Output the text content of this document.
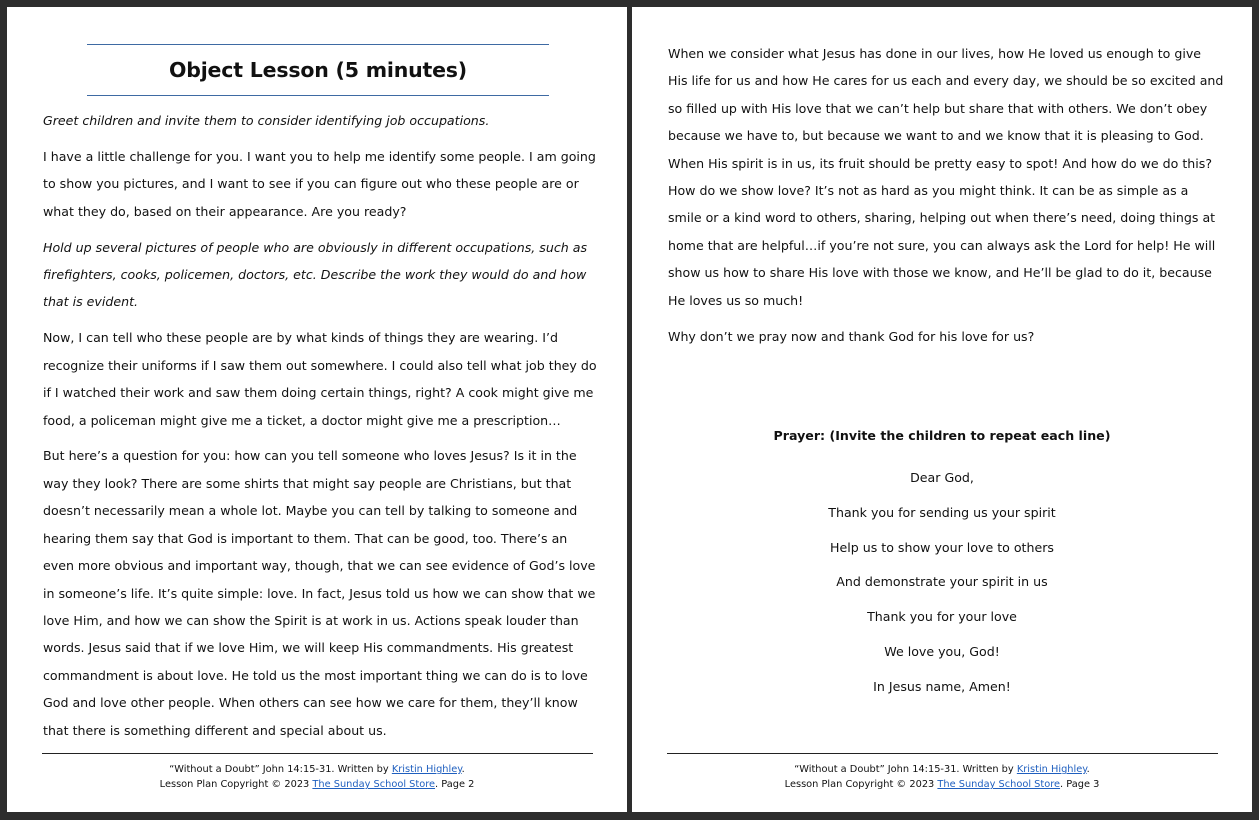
Object Lesson (5 minutes)

Greet children and invite them to consider identifying job occupations.

I have a little challenge for you. I want you to help me identify some people. I am going to show you pictures, and I want to see if you can figure out who these people are or what they do, based on their appearance. Are you ready?

Hold up several pictures of people who are obviously in different occupations, such as firefighters, cooks, policemen, doctors, etc. Describe the work they would do and how that is evident.

Now, I can tell who these people are by what kinds of things they are wearing. I’d recognize their uniforms if I saw them out somewhere. I could also tell what job they do if I watched their work and saw them doing certain things, right? A cook might give me food, a policeman might give me a ticket, a doctor might give me a prescription…

But here’s a question for you: how can you tell someone who loves Jesus? Is it in the way they look? There are some shirts that might say people are Christians, but that doesn’t necessarily mean a whole lot. Maybe you can tell by talking to someone and hearing them say that God is important to them. That can be good, too. There’s an even more obvious and important way, though, that we can see evidence of God’s love in someone’s life. It’s quite simple: love. In fact, Jesus told us how we can show that we love Him, and how we can show the Spirit is at work in us. Actions speak louder than words. Jesus said that if we love Him, we will keep His commandments. His greatest commandment is about love. He told us the most important thing we can do is to love God and love other people. When others can see how we care for them, they’ll know that there is something different and special about us.

“Without a Doubt” John 14:15-31. Written by Kristin Highley.
Lesson Plan Copyright © 2023 The Sunday School Store. Page 2

When we consider what Jesus has done in our lives, how He loved us enough to give His life for us and how He cares for us each and every day, we should be so excited and so filled up with His love that we can’t help but share that with others. We don’t obey because we have to, but because we want to and we know that it is pleasing to God. When His spirit is in us, its fruit should be pretty easy to spot! And how do we do this? How do we show love? It’s not as hard as you might think. It can be as simple as a smile or a kind word to others, sharing, helping out when there’s need, doing things at home that are helpful…if you’re not sure, you can always ask the Lord for help! He will show us how to share His love with those we know, and He’ll be glad to do it, because He loves us so much!

Why don’t we pray now and thank God for his love for us?

Prayer: (Invite the children to repeat each line)

Dear God,

Thank you for sending us your spirit

Help us to show your love to others

And demonstrate your spirit in us

Thank you for your love

We love you, God!

In Jesus name, Amen!

“Without a Doubt” John 14:15-31. Written by Kristin Highley.
Lesson Plan Copyright © 2023 The Sunday School Store. Page 3
